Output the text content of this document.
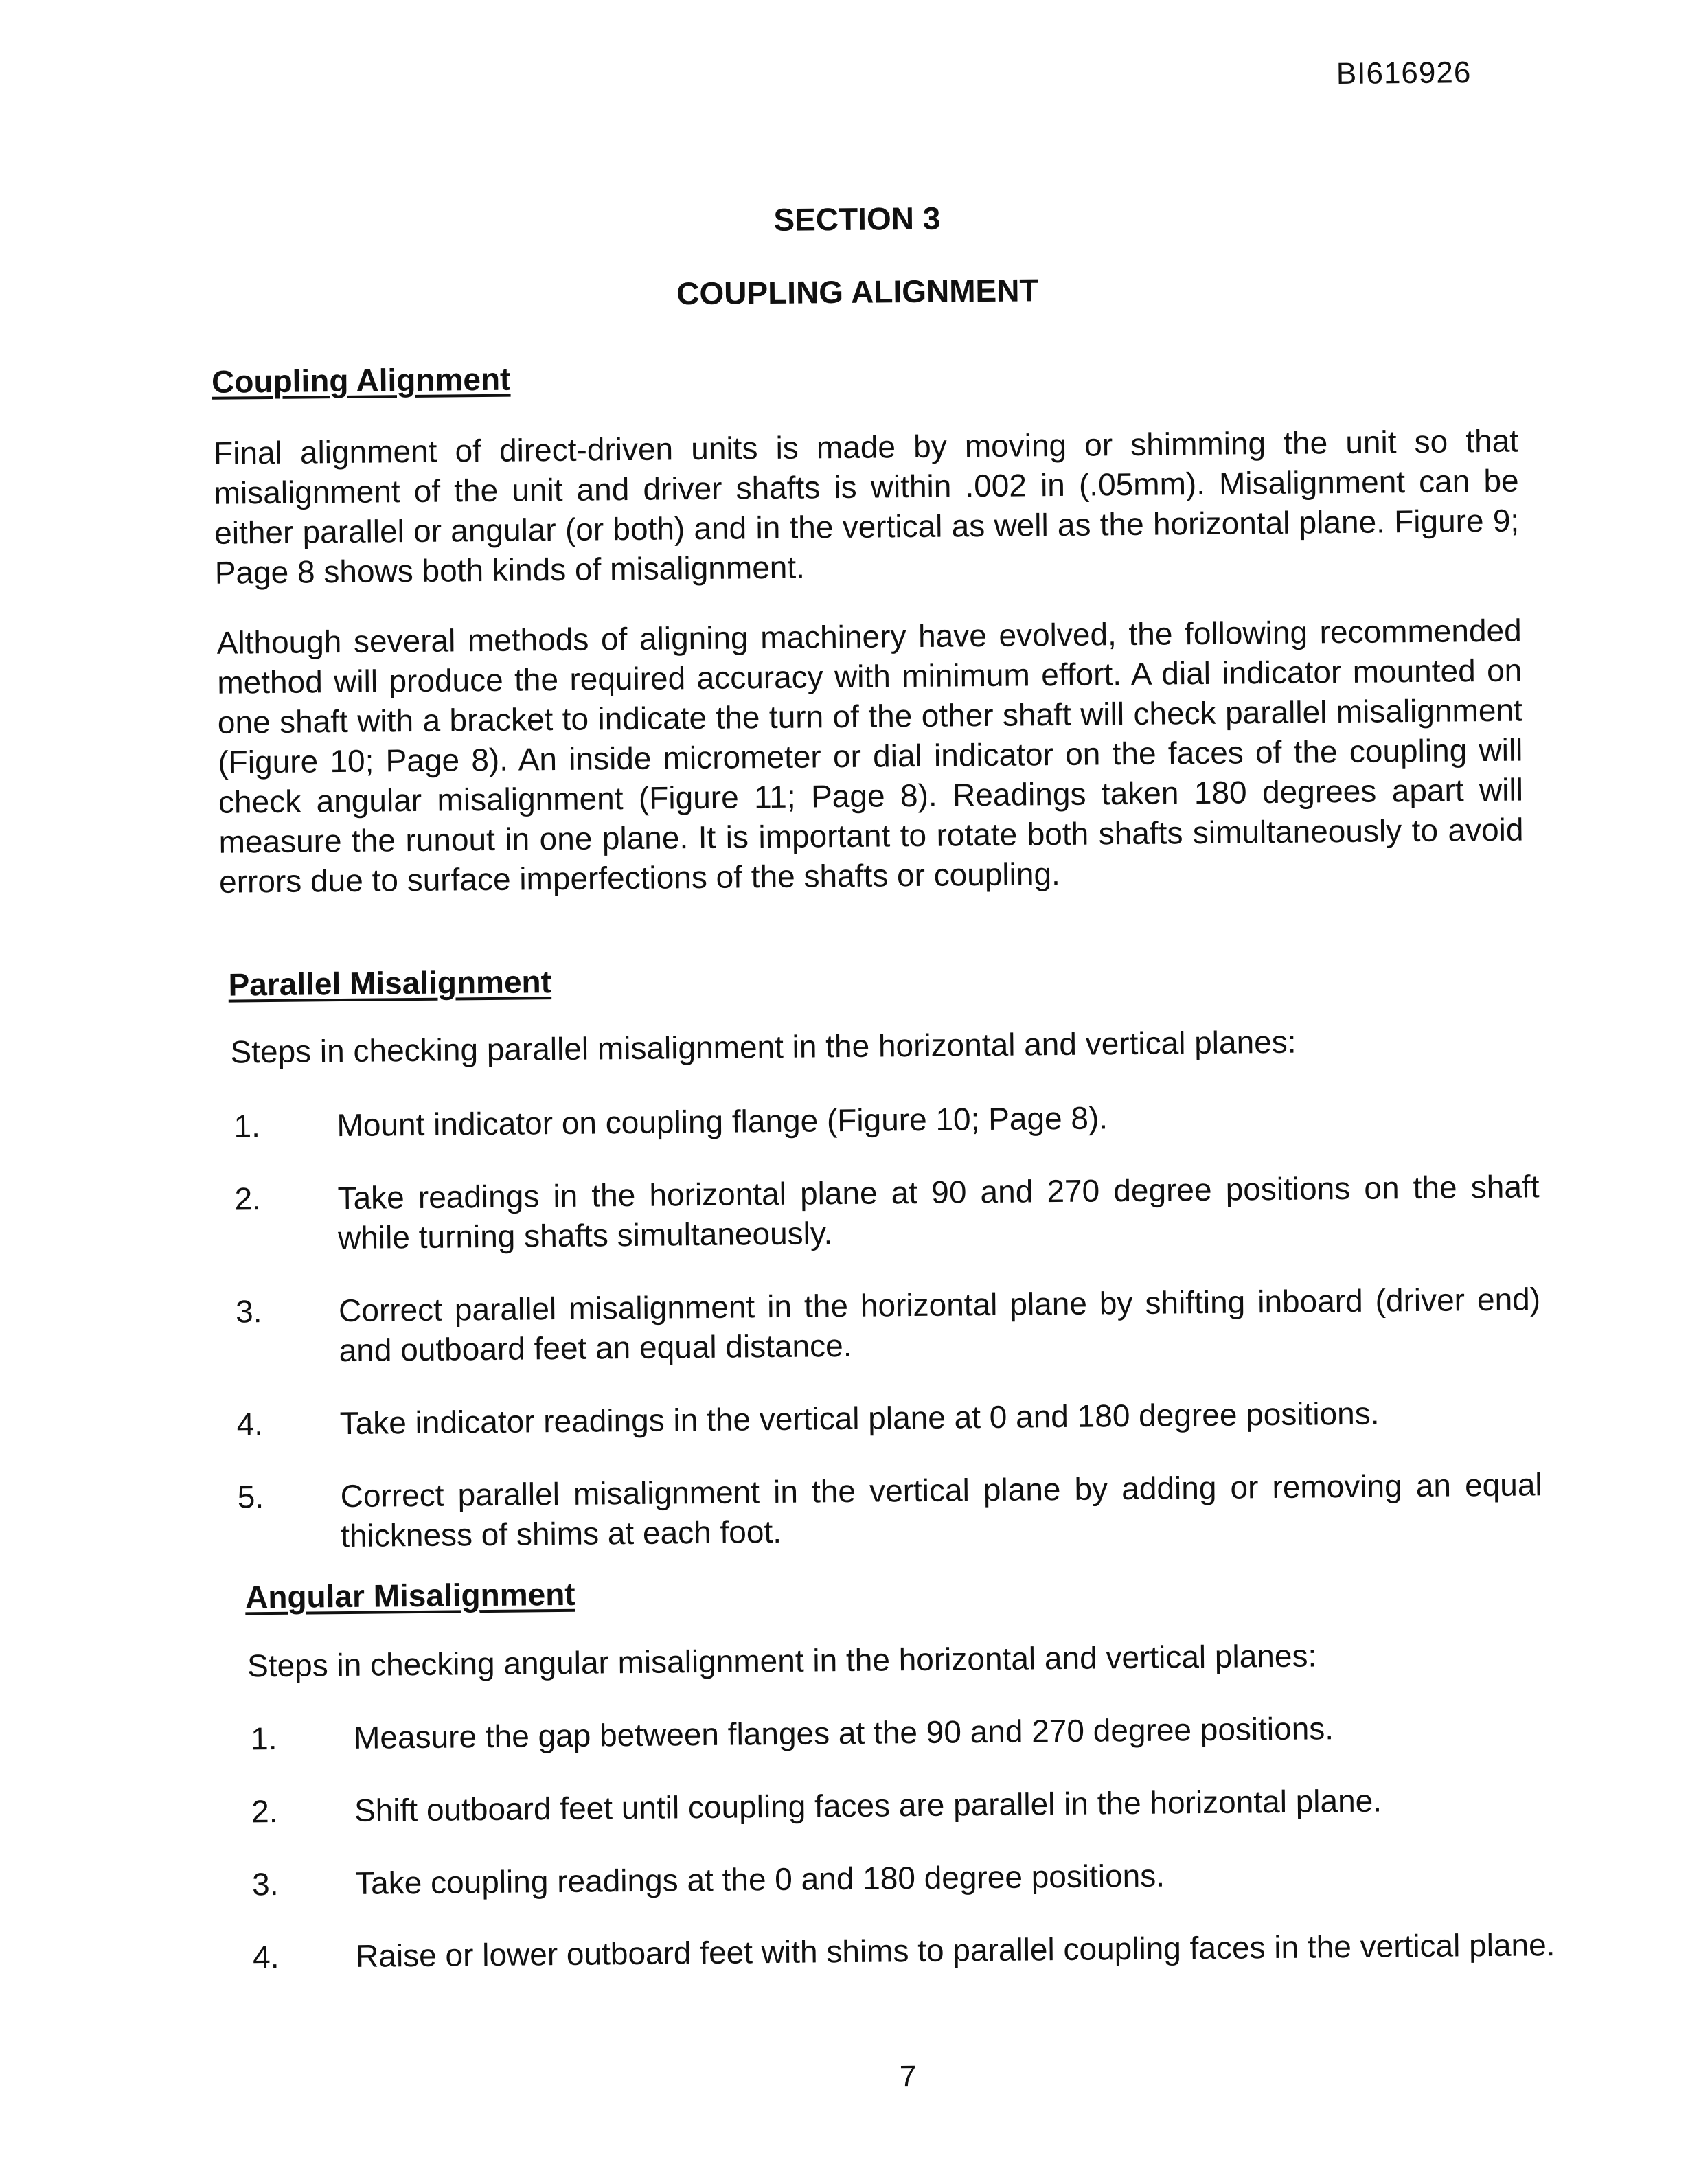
BI616926
SECTION 3
COUPLING ALIGNMENT
Coupling Alignment

Final alignment of direct-driven units is made by moving or shimming the unit so that misalignment of the unit and driver shafts is within .002 in (.05mm). Misalignment can be either parallel or angular (or both) and in the vertical as well as the horizontal plane. Figure 9; Page 8 shows both kinds of misalignment.

Although several methods of aligning machinery have evolved, the following recommended method will produce the required accuracy with minimum effort. A dial indicator mounted on one shaft with a bracket to indicate the turn of the other shaft will check parallel misalignment (Figure 10; Page 8). An inside micrometer or dial indicator on the faces of the coupling will check angular misalignment (Figure 11; Page 8). Readings taken 180 degrees apart will measure the runout in one plane. It is important to rotate both shafts simultaneously to avoid errors due to surface imperfections of the shafts or coupling.

Parallel Misalignment

Steps in checking parallel misalignment in the horizontal and vertical planes:

1. Mount indicator on coupling flange (Figure 10; Page 8).
2. Take readings in the horizontal plane at 90 and 270 degree positions on the shaft while turning shafts simultaneously.
3. Correct parallel misalignment in the horizontal plane by shifting inboard (driver end) and outboard feet an equal distance.
4. Take indicator readings in the vertical plane at 0 and 180 degree positions.
5. Correct parallel misalignment in the vertical plane by adding or removing an equal thickness of shims at each foot.
Angular Misalignment

Steps in checking angular misalignment in the horizontal and vertical planes:

1. Measure the gap between flanges at the 90 and 270 degree positions.
2. Shift outboard feet until coupling faces are parallel in the horizontal plane.
3. Take coupling readings at the 0 and 180 degree positions.
4. Raise or lower outboard feet with shims to parallel coupling faces in the vertical plane.
7
